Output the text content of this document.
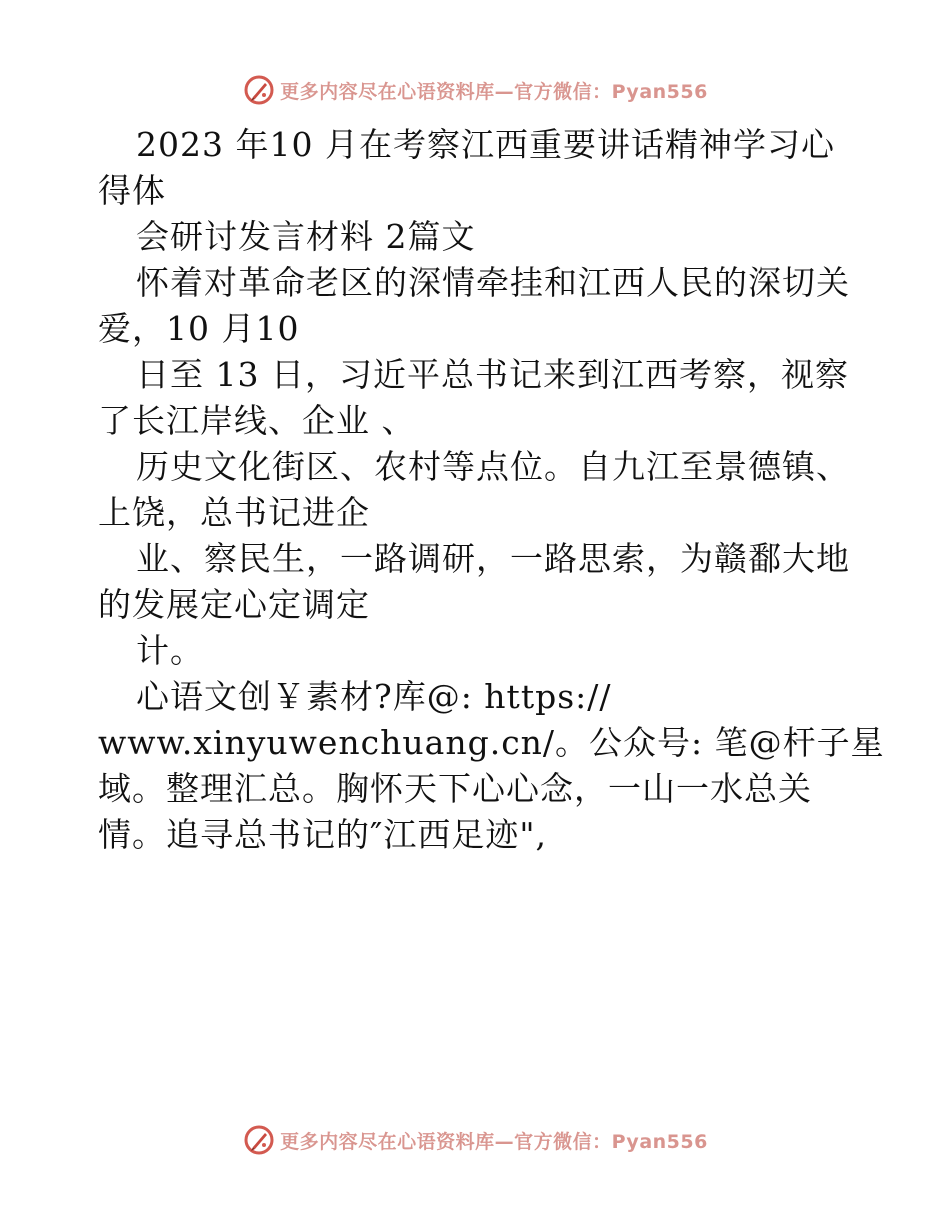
更多内容尽在心语资料库—官方微信：Pyan556
2023 年10 月在考察江西重要讲话精神学习心
得体
会研讨发言材料 2篇文
怀着对革命老区的深情牵挂和江西人民的深切关
爱，10 月10
日至 13 日，习近平总书记来到江西考察，视察
了长江岸线、企业 、
历史文化街区、农村等点位。自九江至景德镇、
上饶，总书记进企
业、察民生，一路调研，一路思索，为赣鄱大地
的发展定心定调定
计。
心语文创￥素材?库@: https://
www.xinyuwenchuang.cn/。公众号: 笔@杆子星
域。整理汇总。胸怀天下心心念，一山一水总关
情。追寻总书记的″江西足迹",
更多内容尽在心语资料库—官方微信：Pyan556
